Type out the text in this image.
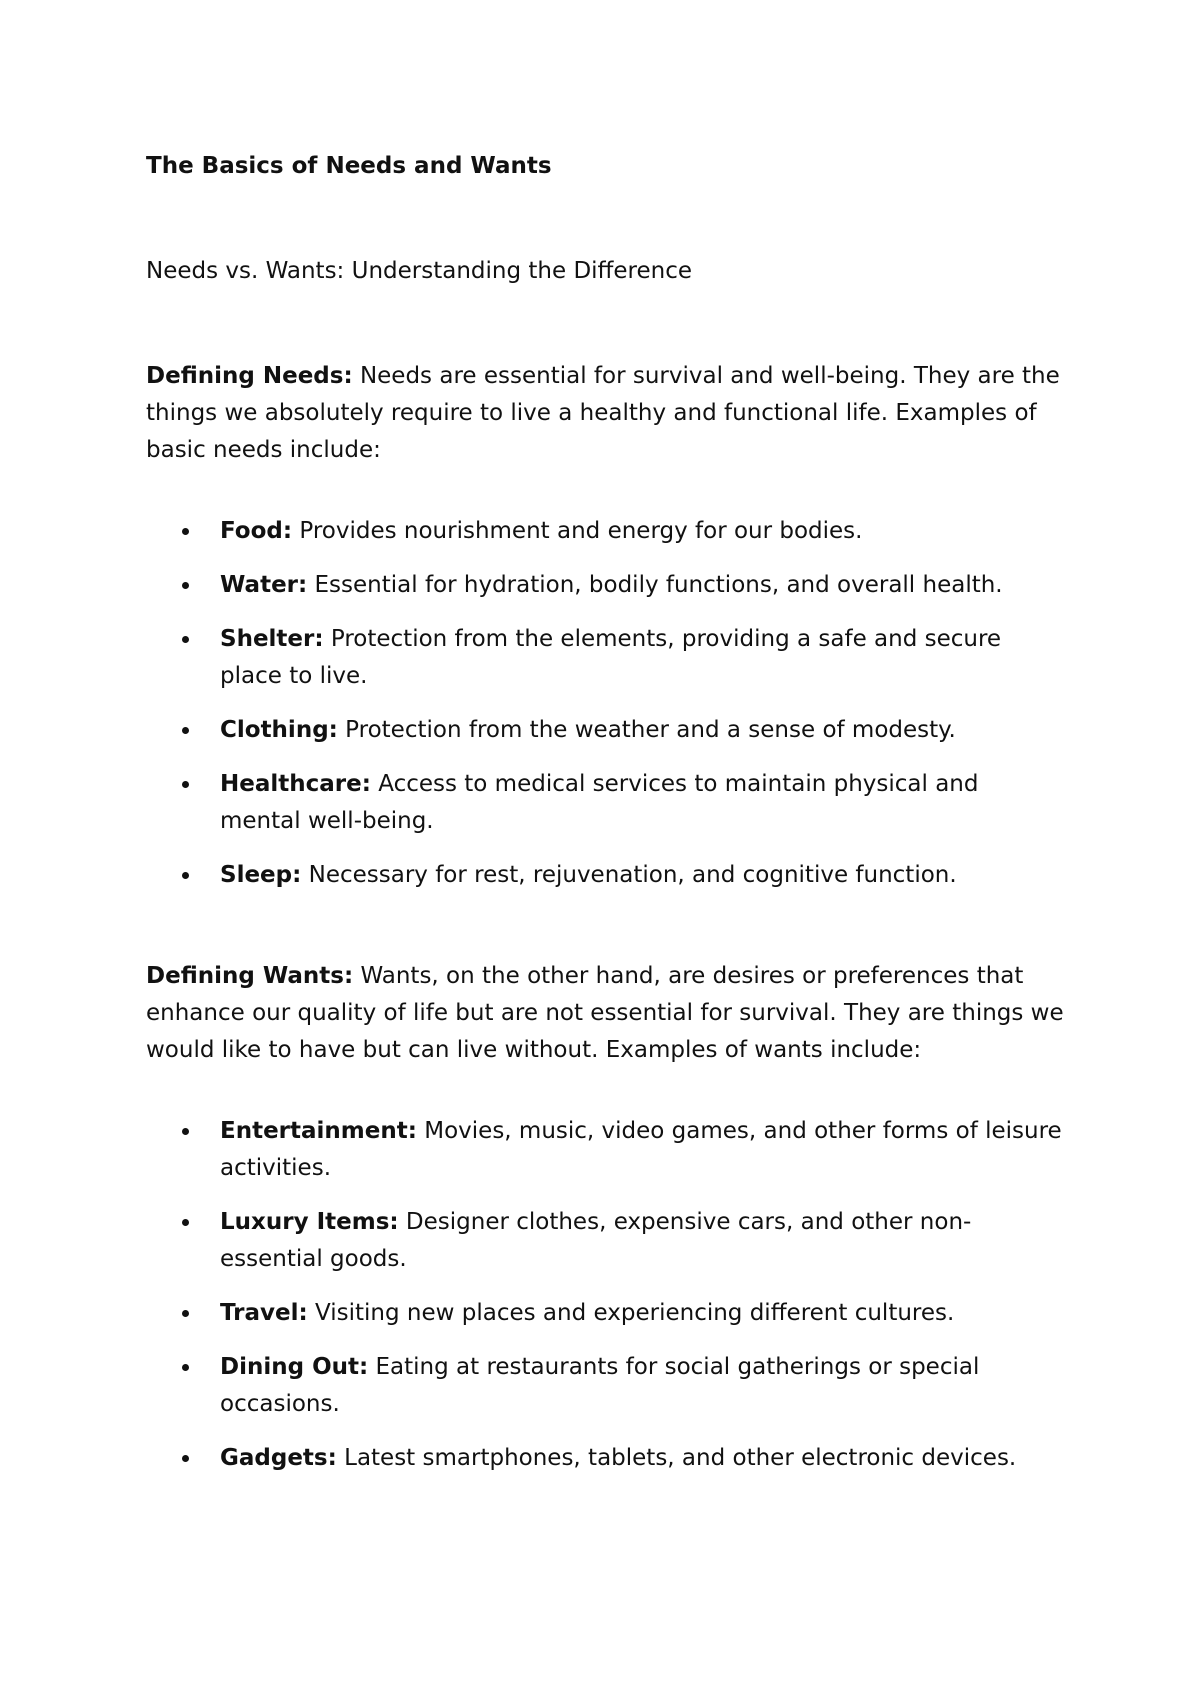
The Basics of Needs and Wants

Needs vs. Wants: Understanding the Difference

Defining Needs: Needs are essential for survival and well-being. They are the things we absolutely require to live a healthy and functional life. Examples of basic needs include:

Food: Provides nourishment and energy for our bodies.
Water: Essential for hydration, bodily functions, and overall health.
Shelter: Protection from the elements, providing a safe and secure place to live.
Clothing: Protection from the weather and a sense of modesty.
Healthcare: Access to medical services to maintain physical and mental well-being.
Sleep: Necessary for rest, rejuvenation, and cognitive function.

Defining Wants: Wants, on the other hand, are desires or preferences that enhance our quality of life but are not essential for survival. They are things we would like to have but can live without. Examples of wants include:

Entertainment: Movies, music, video games, and other forms of leisure activities.
Luxury Items: Designer clothes, expensive cars, and other non-essential goods.
Travel: Visiting new places and experiencing different cultures.
Dining Out: Eating at restaurants for social gatherings or special occasions.
Gadgets: Latest smartphones, tablets, and other electronic devices.
